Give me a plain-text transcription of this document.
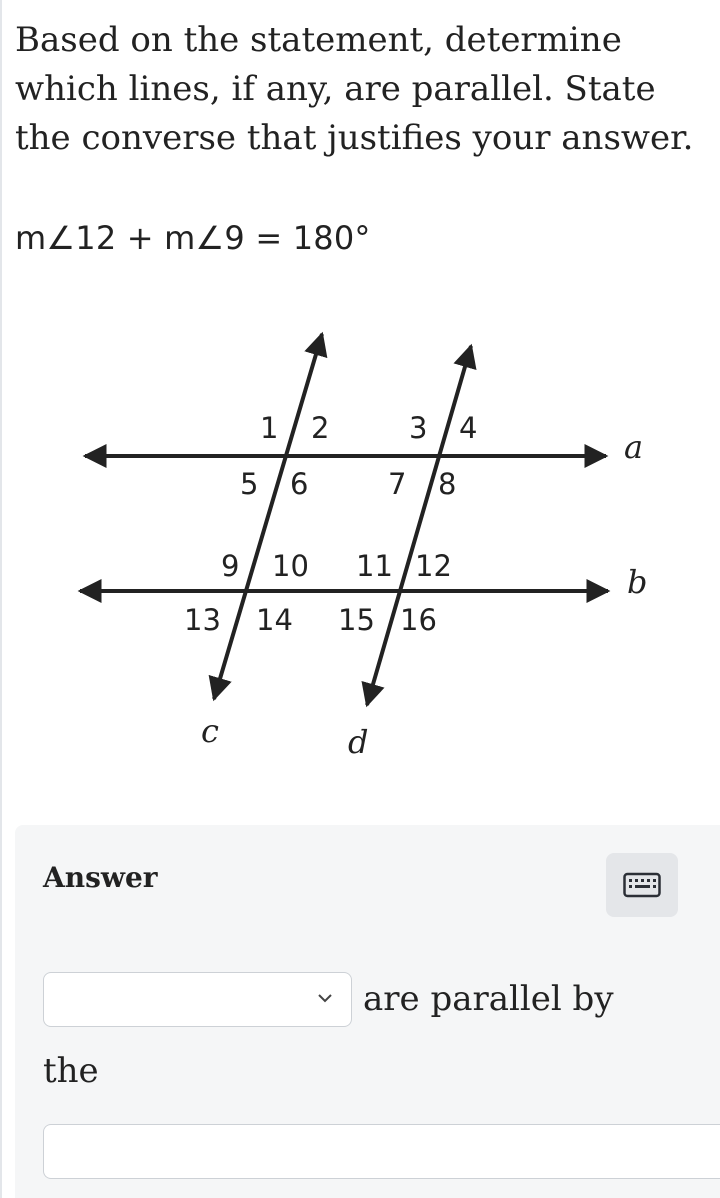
Based on the statement, determine which lines, if any, are parallel. State the converse that justifies your answer.
m∠12 + m∠9 = 180°
1 2
5 6
3 4
7 8
9 10
13 14
11 12
15 16
a
b
c	d
Answer
are parallel by
the
